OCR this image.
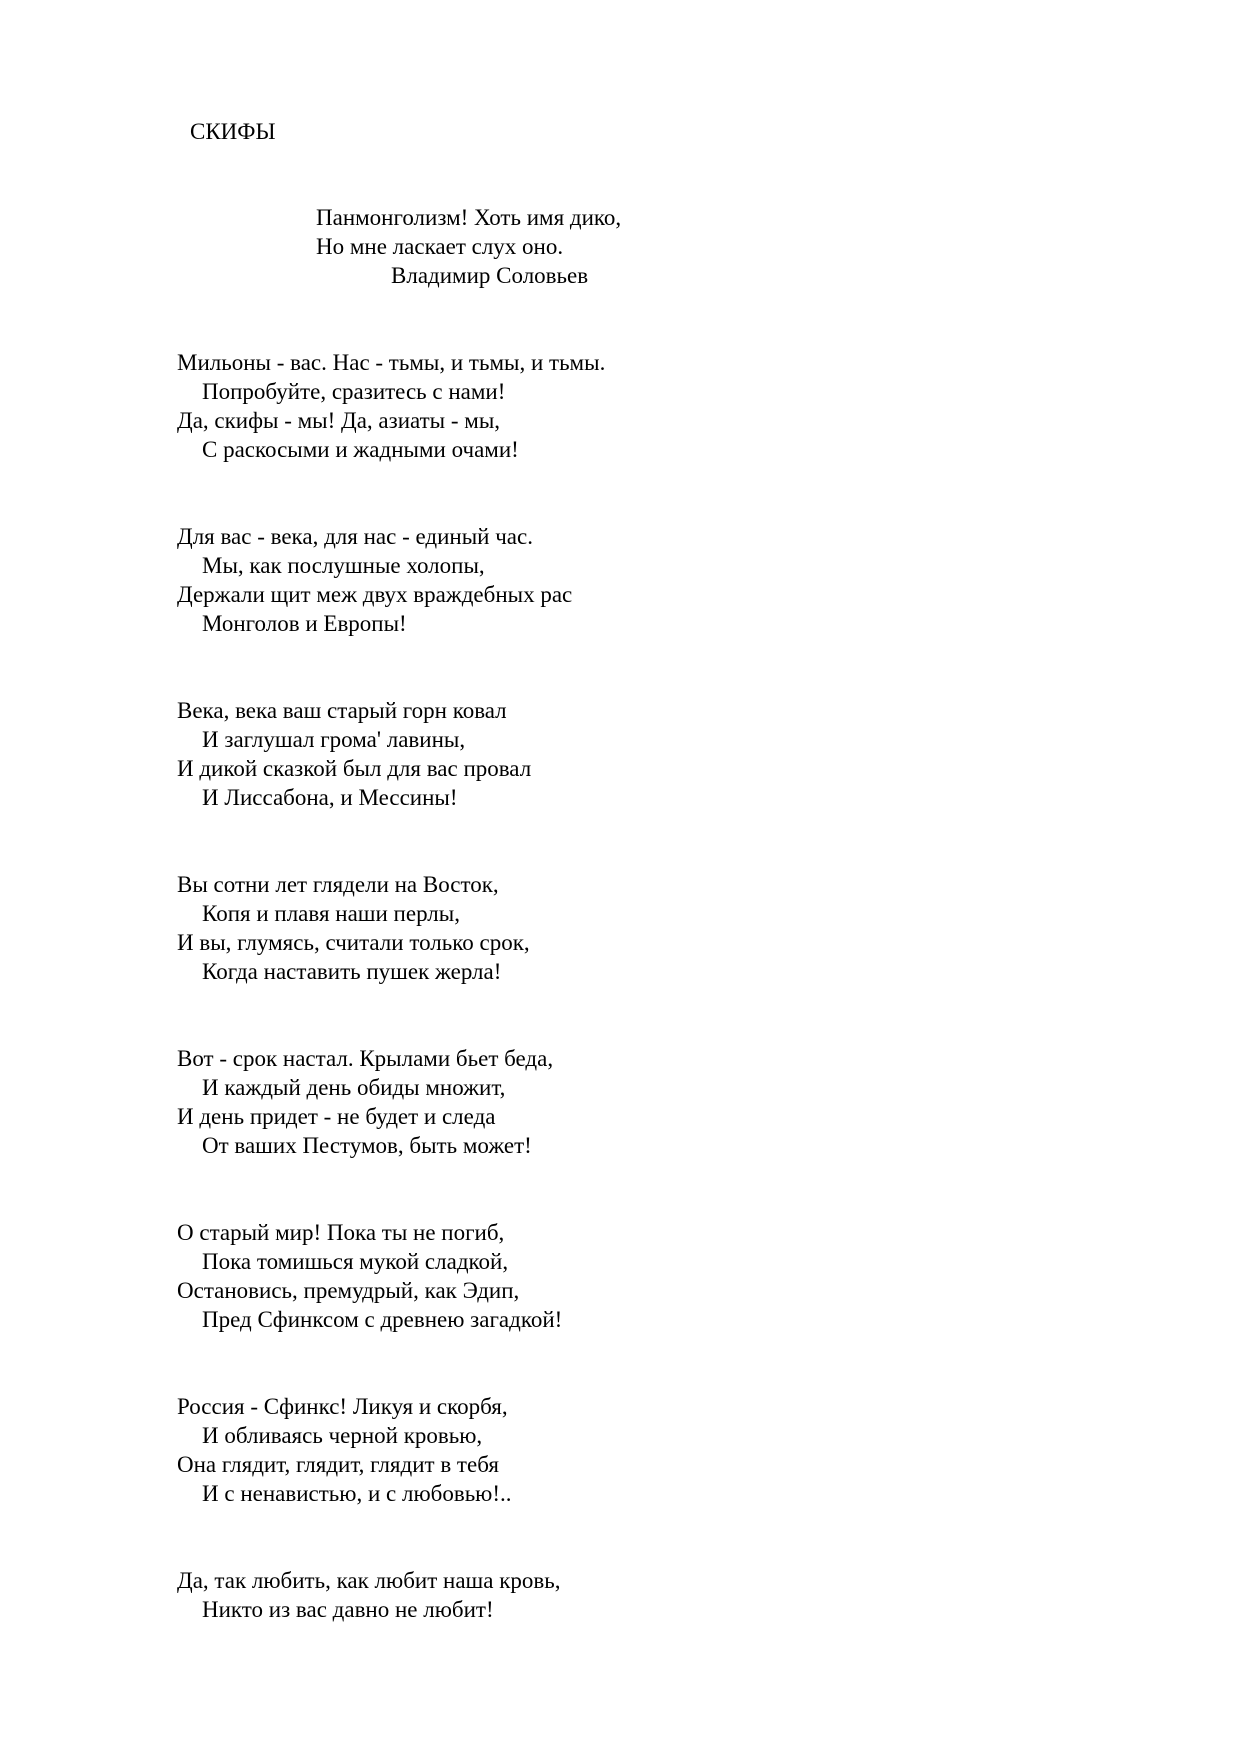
СКИФЫ
Панмонголизм! Хоть имя дико,
Но мне ласкает слух оно.
Владимир Соловьев
Мильоны - вас. Нас - тьмы, и тьмы, и тьмы.
Попробуйте, сразитесь с нами!
Да, скифы - мы! Да, азиаты - мы,
С раскосыми и жадными очами!
Для вас - века, для нас - единый час.
Мы, как послушные холопы,
Держали щит меж двух враждебных рас
Монголов и Европы!
Века, века ваш старый горн ковал
И заглушал грома' лавины,
И дикой сказкой был для вас провал
И Лиссабона, и Мессины!
Вы сотни лет глядели на Восток,
Копя и плавя наши перлы,
И вы, глумясь, считали только срок,
Когда наставить пушек жерла!
Вот - срок настал. Крылами бьет беда,
И каждый день обиды множит,
И день придет - не будет и следа
От ваших Пестумов, быть может!
О старый мир! Пока ты не погиб,
Пока томишься мукой сладкой,
Остановись, премудрый, как Эдип,
Пред Сфинксом с древнею загадкой!
Россия - Сфинкс! Ликуя и скорбя,
И обливаясь черной кровью,
Она глядит, глядит, глядит в тебя
И с ненавистью, и с любовью!..
Да, так любить, как любит наша кровь,
Никто из вас давно не любит!
